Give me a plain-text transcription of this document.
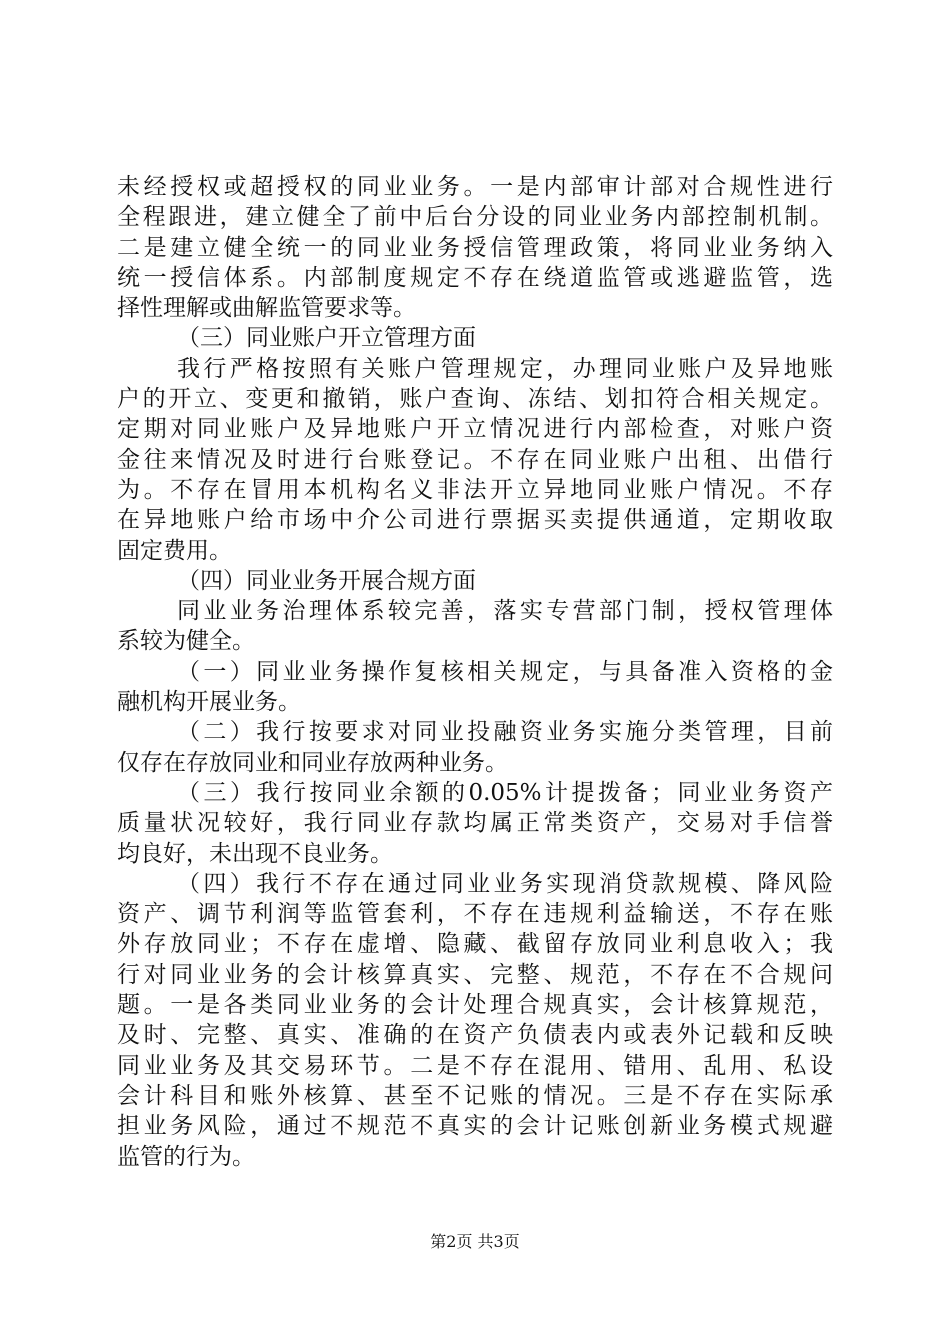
未经授权或超授权的同业业务。一是内部审计部对合规性进行
全程跟进，建立健全了前中后台分设的同业业务内部控制机制。
二是建立健全统一的同业业务授信管理政策，将同业业务纳入
统一授信体系。内部制度规定不存在绕道监管或逃避监管，选
择性理解或曲解监管要求等。
（三）同业账户开立管理方面
我行严格按照有关账户管理规定，办理同业账户及异地账
户的开立、变更和撤销，账户查询、冻结、划扣符合相关规定。
定期对同业账户及异地账户开立情况进行内部检查，对账户资
金往来情况及时进行台账登记。不存在同业账户出租、出借行
为。不存在冒用本机构名义非法开立异地同业账户情况。不存
在异地账户给市场中介公司进行票据买卖提供通道，定期收取
固定费用。
（四）同业业务开展合规方面
同业业务治理体系较完善，落实专营部门制，授权管理体
系较为健全。
（一）同业业务操作复核相关规定，与具备准入资格的金
融机构开展业务。
（二）我行按要求对同业投融资业务实施分类管理，目前
仅存在存放同业和同业存放两种业务。
（三）我行按同业余额的0.05%计提拨备；同业业务资产
质量状况较好，我行同业存款均属正常类资产，交易对手信誉
均良好，未出现不良业务。
（四）我行不存在通过同业业务实现消贷款规模、降风险
资产、调节利润等监管套利，不存在违规利益输送，不存在账
外存放同业；不存在虚增、隐藏、截留存放同业利息收入；我
行对同业业务的会计核算真实、完整、规范，不存在不合规问
题。一是各类同业业务的会计处理合规真实，会计核算规范，
及时、完整、真实、准确的在资产负债表内或表外记载和反映
同业业务及其交易环节。二是不存在混用、错用、乱用、私设
会计科目和账外核算、甚至不记账的情况。三是不存在实际承
担业务风险，通过不规范不真实的会计记账创新业务模式规避
监管的行为。
第2页 共3页
